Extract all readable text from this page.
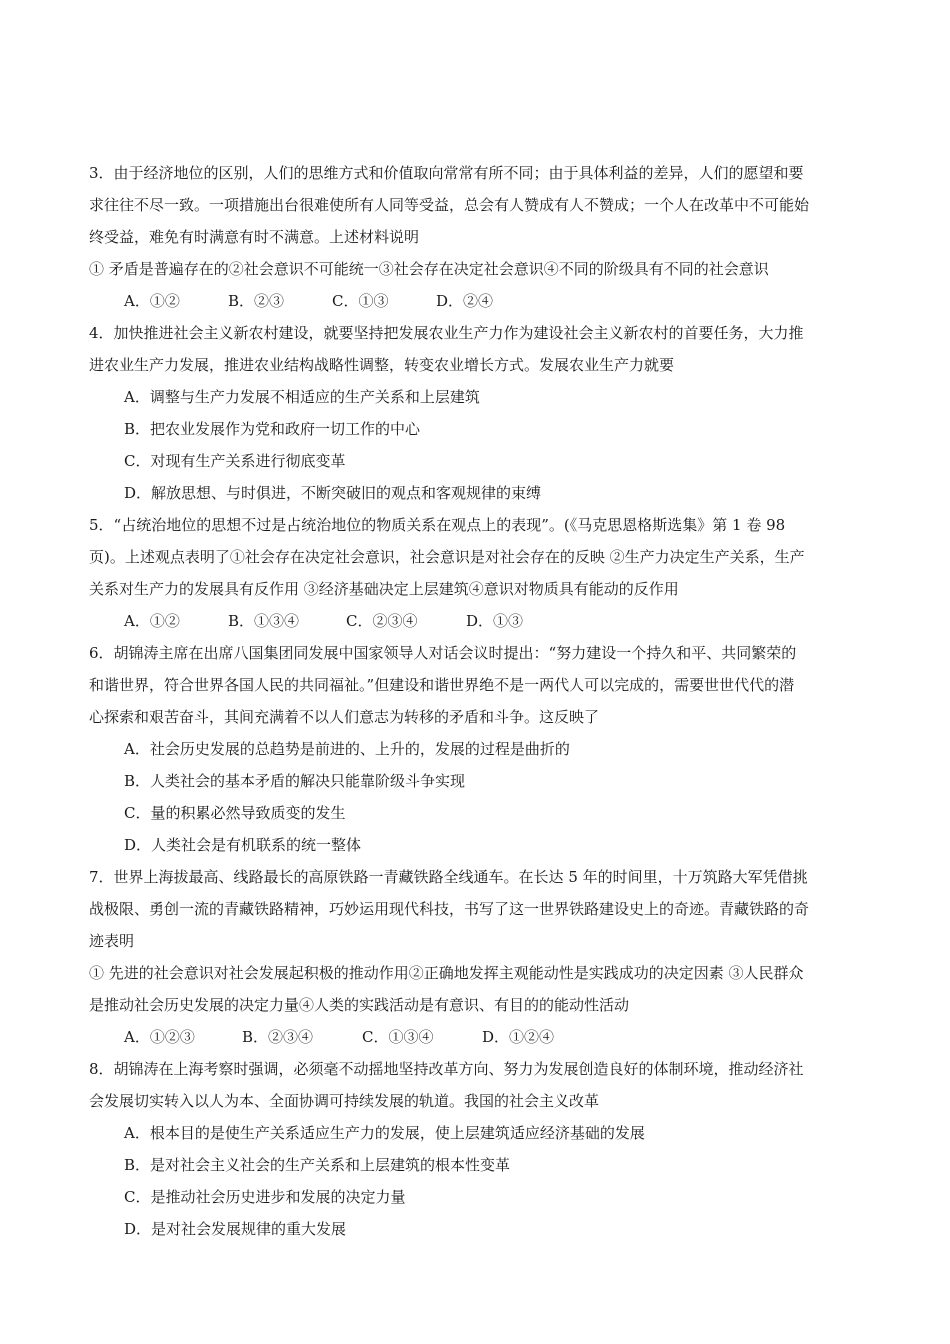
3．由于经济地位的区别，人们的思维方式和价值取向常常有所不同；由于具体利益的差异，人们的愿望和要
求往往不尽一致。一项措施出台很难使所有人同等受益，总会有人赞成有人不赞成；一个人在改革中不可能始
终受益，难免有时满意有时不满意。上述材料说明
① 矛盾是普遍存在的②社会意识不可能统一③社会存在决定社会意识④不同的阶级具有不同的社会意识
A．①②	B．②③	C．①③	D．②④
4．加快推进社会主义新农村建设，就要坚持把发展农业生产力作为建设社会主义新农村的首要任务，大力推
进农业生产力发展，推进农业结构战略性调整，转变农业增长方式。发展农业生产力就要
A．调整与生产力发展不相适应的生产关系和上层建筑
B．把农业发展作为党和政府一切工作的中心
C．对现有生产关系进行彻底变革
D．解放思想、与时俱进，不断突破旧的观点和客观规律的束缚
5．“占统治地位的思想不过是占统治地位的物质关系在观点上的表现”。(《马克思恩格斯选集》第 1 卷 98
页)。上述观点表明了①社会存在决定社会意识，社会意识是对社会存在的反映 ②生产力决定生产关系，生产
关系对生产力的发展具有反作用 ③经济基础决定上层建筑④意识对物质具有能动的反作用
A．①②	B．①③④	C．②③④	D．①③
6．胡锦涛主席在出席八国集团同发展中国家领导人对话会议时提出：“努力建设一个持久和平、共同繁荣的
和谐世界，符合世界各国人民的共同福祉。”但建设和谐世界绝不是一两代人可以完成的，需要世世代代的潜
心探索和艰苦奋斗，其间充满着不以人们意志为转移的矛盾和斗争。这反映了
A．社会历史发展的总趋势是前进的、上升的，发展的过程是曲折的
B．人类社会的基本矛盾的解决只能靠阶级斗争实现
C．量的积累必然导致质变的发生
D．人类社会是有机联系的统一整体
7．世界上海拔最高、线路最长的高原铁路一青藏铁路全线通车。在长达 5 年的时间里，十万筑路大军凭借挑
战极限、勇创一流的青藏铁路精神，巧妙运用现代科技，书写了这一世界铁路建设史上的奇迹。青藏铁路的奇
迹表明
① 先进的社会意识对社会发展起积极的推动作用②正确地发挥主观能动性是实践成功的决定因素 ③人民群众
是推动社会历史发展的决定力量④人类的实践活动是有意识、有目的的能动性活动
A．①②③	B．②③④	C．①③④	D．①②④
8．胡锦涛在上海考察时强调，必须毫不动摇地坚持改革方向、努力为发展创造良好的体制环境，推动经济社
会发展切实转入以人为本、全面协调可持续发展的轨道。我国的社会主义改革
A．根本目的是使生产关系适应生产力的发展，使上层建筑适应经济基础的发展
B．是对社会主义社会的生产关系和上层建筑的根本性变革
C．是推动社会历史进步和发展的决定力量
D．是对社会发展规律的重大发展
